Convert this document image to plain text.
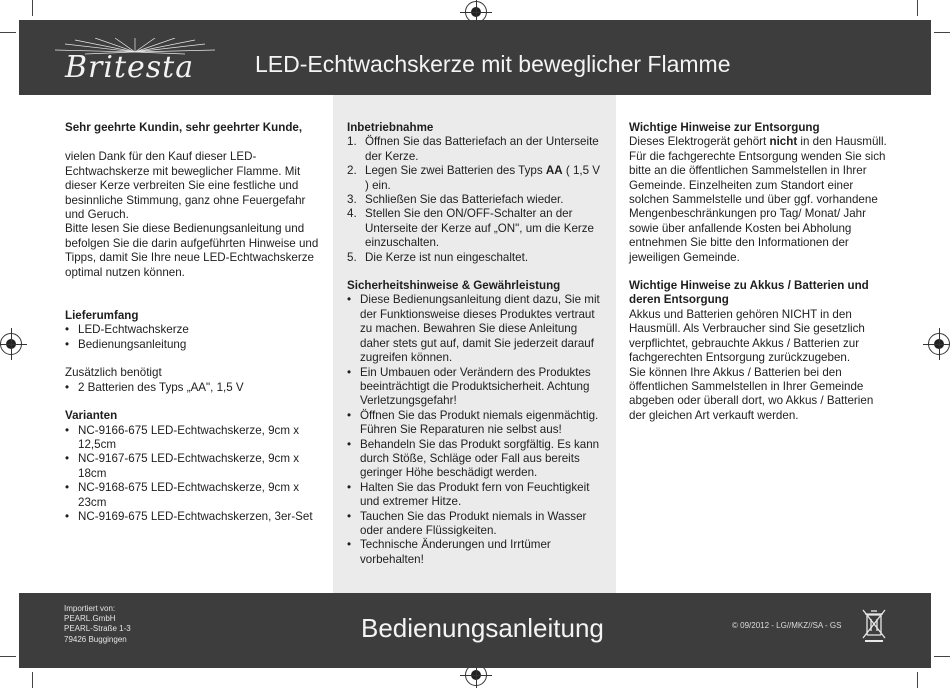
Britesta	LED-Echtwachskerze mit beweglicher Flamme

Sehr geehrte Kundin, sehr geehrter Kunde,

vielen Dank für den Kauf dieser LED-Echtwachskerze mit beweglicher Flamme. Mit dieser Kerze verbreiten Sie eine festliche und besinnliche Stimmung, ganz ohne Feuergefahr und Geruch.

Bitte lesen Sie diese Bedienungsanleitung und befolgen Sie die darin aufgeführten Hinweise und Tipps, damit Sie Ihre neue LED-Echtwachskerze optimal nutzen können.

Lieferumfang

• LED-Echtwachskerze
• Bedienungsanleitung

Zusätzlich benötigt

• 2 Batterien des Typs „AA", 1,5 V

Varianten

• NC-9166-675 LED-Echtwachskerze, 9cm x 12,5cm
• NC-9167-675 LED-Echtwachskerze, 9cm x 18cm
• NC-9168-675 LED-Echtwachskerze, 9cm x 23cm
• NC-9169-675 LED-Echtwachskerzen, 3er-Set

Inbetriebnahme

1. Öffnen Sie das Batteriefach an der Unterseite der Kerze.
2. Legen Sie zwei Batterien des Typs AA ( 1,5 V ) ein.
3. Schließen Sie das Batteriefach wieder.
4. Stellen Sie den ON/OFF-Schalter an der Unterseite der Kerze auf „ON", um die Kerze einzuschalten.
5. Die Kerze ist nun eingeschaltet.

Sicherheitshinweise & Gewährleistung

• Diese Bedienungsanleitung dient dazu, Sie mit der Funktionsweise dieses Produktes vertraut zu machen. Bewahren Sie diese Anleitung daher stets gut auf, damit Sie jederzeit darauf zugreifen können.
• Ein Umbauen oder Verändern des Produktes beeinträchtigt die Produktsicherheit. Achtung Verletzungsgefahr!
• Öffnen Sie das Produkt niemals eigenmächtig. Führen Sie Reparaturen nie selbst aus!
• Behandeln Sie das Produkt sorgfältig. Es kann durch Stöße, Schläge oder Fall aus bereits geringer Höhe beschädigt werden.
• Halten Sie das Produkt fern von Feuchtigkeit und extremer Hitze.
• Tauchen Sie das Produkt niemals in Wasser oder andere Flüssigkeiten.
• Technische Änderungen und Irrtümer vorbehalten!

Wichtige Hinweise zur Entsorgung

Dieses Elektrogerät gehört nicht in den Hausmüll. Für die fachgerechte Entsorgung wenden Sie sich bitte an die öffentlichen Sammelstellen in Ihrer Gemeinde. Einzelheiten zum Standort einer solchen Sammelstelle und über ggf. vorhandene Mengenbeschränkungen pro Tag/ Monat/ Jahr sowie über anfallende Kosten bei Abholung entnehmen Sie bitte den Informationen der jeweiligen Gemeinde.

Wichtige Hinweise zu Akkus / Batterien und deren Entsorgung

Akkus und Batterien gehören NICHT in den Hausmüll. Als Verbraucher sind Sie gesetzlich verpflichtet, gebrauchte Akkus / Batterien zur fachgerechten Entsorgung zurückzugeben.

Sie können Ihre Akkus / Batterien bei den öffentlichen Sammelstellen in Ihrer Gemeinde abgeben oder überall dort, wo Akkus / Batterien der gleichen Art verkauft werden.

Importiert von:
PEARL.GmbH
PEARL-Straße 1-3
79426 Buggingen	Bedienungsanleitung	© 09/2012 - LG//MKZ//SA - GS
